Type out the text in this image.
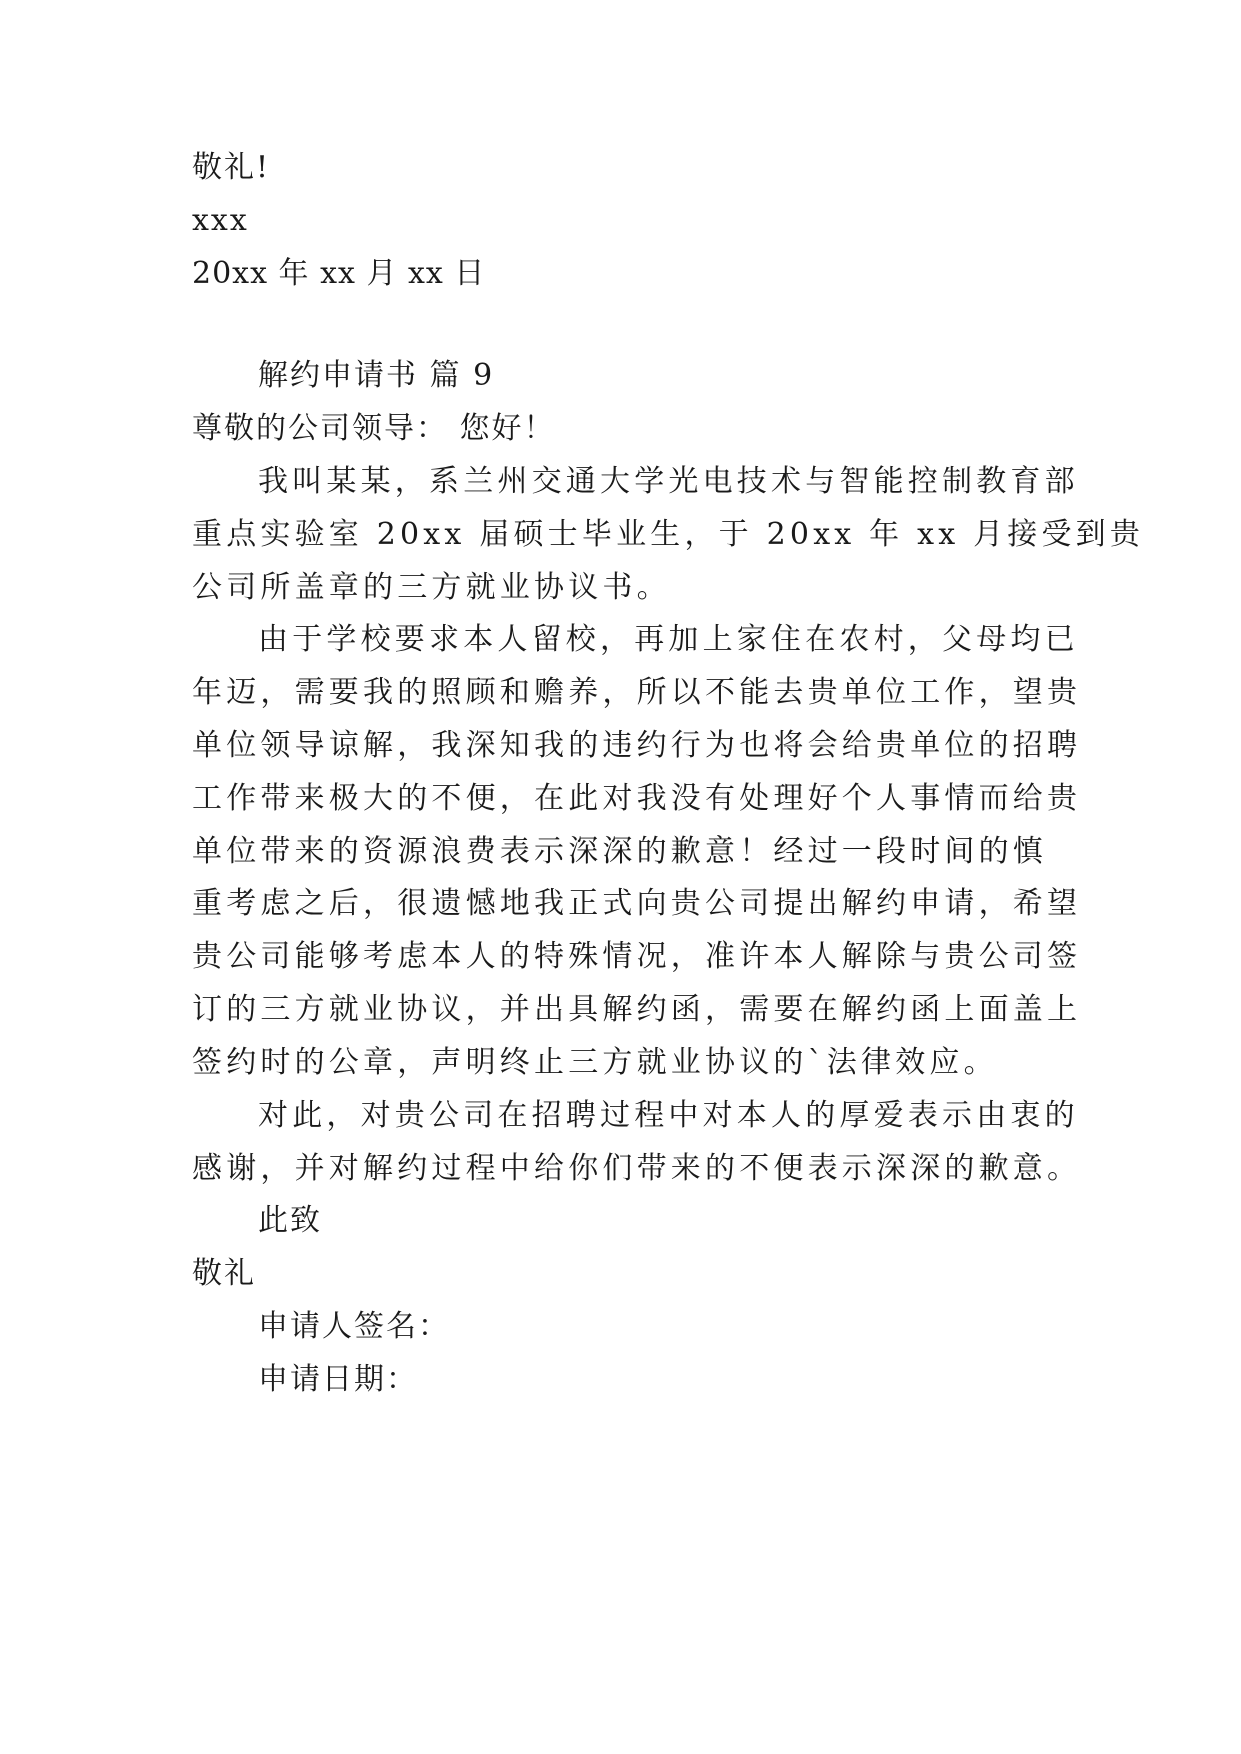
敬礼!
xxx
20xx 年 xx 月 xx 日
解约申请书 篇 9
尊敬的公司领导： 您好！
我叫某某，系兰州交通大学光电技术与智能控制教育部
重点实验室 20xx 届硕士毕业生，于 20xx 年 xx 月接受到贵
公司所盖章的三方就业协议书。
由于学校要求本人留校，再加上家住在农村，父母均已
年迈，需要我的照顾和赡养，所以不能去贵单位工作，望贵
单位领导谅解，我深知我的违约行为也将会给贵单位的招聘
工作带来极大的不便，在此对我没有处理好个人事情而给贵
单位带来的资源浪费表示深深的歉意！经过一段时间的慎
重考虑之后，很遗憾地我正式向贵公司提出解约申请，希望
贵公司能够考虑本人的特殊情况，准许本人解除与贵公司签
订的三方就业协议，并出具解约函，需要在解约函上面盖上
签约时的公章，声明终止三方就业协议的`法律效应。
对此，对贵公司在招聘过程中对本人的厚爱表示由衷的
感谢，并对解约过程中给你们带来的不便表示深深的歉意。
此致
敬礼
申请人签名：
申请日期：
